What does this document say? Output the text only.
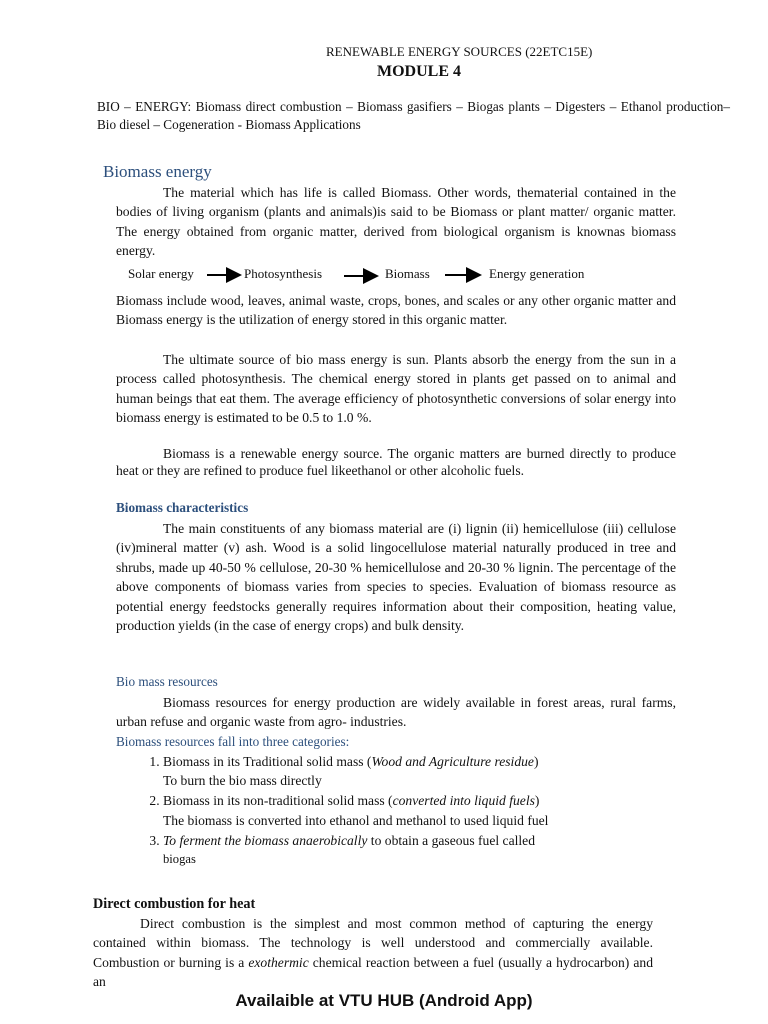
RENEWABLE ENERGY SOURCES (22ETC15E)
MODULE 4
BIO – ENERGY: Biomass direct combustion – Biomass gasifiers – Biogas plants – Digesters – Ethanol production– Bio diesel – Cogeneration - Biomass Applications
Biomass energy
The material which has life is called Biomass. Other words, thematerial contained in the bodies of living organism (plants and animals)is said to be Biomass or plant matter/ organic matter. The energy obtained from organic matter, derived from biological organism is knownas biomass energy.
Solar energy	Photosynthesis	Biomass	Energy generation
Biomass include wood, leaves, animal waste, crops, bones, and scales or any other organic matter and Biomass energy is the utilization of energy stored in this organic matter.
The ultimate source of bio mass energy is sun. Plants absorb the energy from the sun in a process called photosynthesis. The chemical energy stored in plants get passed on to animal and human beings that eat them. The average efficiency of photosynthetic conversions of solar energy into biomass energy is estimated to be 0.5 to 1.0 %.
Biomass is a renewable energy source. The organic matters are burned directly to produce heat or they are refined to produce fuel likeethanol or other alcoholic fuels.
Biomass characteristics
The main constituents of any biomass material are (i) lignin (ii) hemicellulose (iii) cellulose (iv)mineral matter (v) ash. Wood is a solid lingocellulose material naturally produced in tree and shrubs, made up 40-50 % cellulose, 20-30 % hemicellulose and 20-30 % lignin. The percentage of the above components of biomass varies from species to species. Evaluation of biomass resource as potential energy feedstocks generally requires information about their composition, heating value, production yields (in the case of energy crops) and bulk density.
Bio mass resources
Biomass resources for energy production are widely available in forest areas, rural farms, urban refuse and organic waste from agro- industries.
Biomass resources fall into three categories:
1. Biomass in its Traditional solid mass (Wood and Agriculture residue)
To burn the bio mass directly
2. Biomass in its non-traditional solid mass (converted into liquid fuels)
The biomass is converted into ethanol and methanol to used liquid fuel
3. To ferment the biomass anaerobically to obtain a gaseous fuel called
biogas
Direct combustion for heat
Direct combustion is the simplest and most common method of capturing the energy contained within biomass. The technology is well understood and commercially available. Combustion or burning is a exothermic chemical reaction between a fuel (usually a hydrocarbon) and an
Availaible at VTU HUB (Android App)
